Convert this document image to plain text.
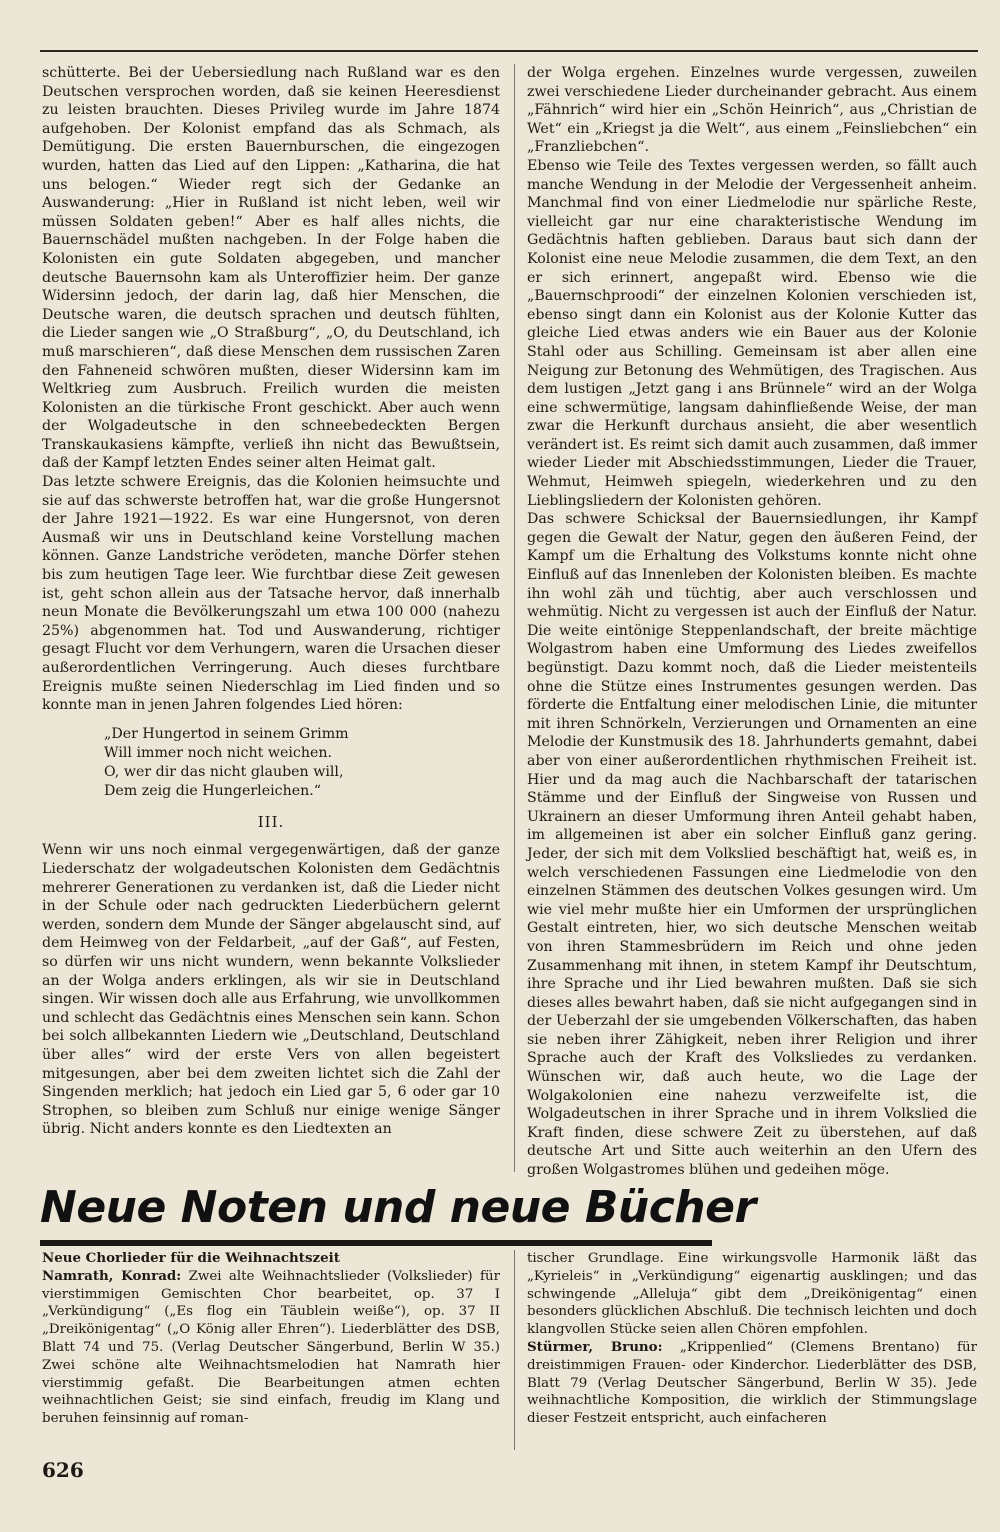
schütterte. Bei der Uebersiedlung nach Rußland war es den Deutschen versprochen worden, daß sie keinen Heeresdienst zu leisten brauchten. Dieses Privileg wurde im Jahre 1874 aufgehoben. Der Kolonist empfand das als Schmach, als Demütigung. Die ersten Bauernburschen, die eingezogen wurden, hatten das Lied auf den Lippen: „Katharina, die hat uns belogen.“ Wieder regt sich der Gedanke an Auswanderung: „Hier in Rußland ist nicht leben, weil wir müssen Soldaten geben!“ Aber es half alles nichts, die Bauernschädel mußten nachgeben. In der Folge haben die Kolonisten ein gute Soldaten abgegeben, und mancher deutsche Bauernsohn kam als Unteroffizier heim. Der ganze Widersinn jedoch, der darin lag, daß hier Menschen, die Deutsche waren, die deutsch sprachen und deutsch fühlten, die Lieder sangen wie „O Straßburg“, „O, du Deutschland, ich muß marschieren“, daß diese Menschen dem russischen Zaren den Fahneneid schwören mußten, dieser Widersinn kam im Weltkrieg zum Ausbruch. Freilich wurden die meisten Kolonisten an die türkische Front geschickt. Aber auch wenn der Wolgadeutsche in den schneebedeckten Bergen Transkaukasiens kämpfte, verließ ihn nicht das Bewußtsein, daß der Kampf letzten Endes seiner alten Heimat galt.

Das letzte schwere Ereignis, das die Kolonien heimsuchte und sie auf das schwerste betroffen hat, war die große Hungersnot der Jahre 1921—1922. Es war eine Hungersnot, von deren Ausmaß wir uns in Deutschland keine Vorstellung machen können. Ganze Landstriche verödeten, manche Dörfer stehen bis zum heutigen Tage leer. Wie furchtbar diese Zeit gewesen ist, geht schon allein aus der Tatsache hervor, daß innerhalb neun Monate die Bevölkerungszahl um etwa 100 000 (nahezu 25%) abgenommen hat. Tod und Auswanderung, richtiger gesagt Flucht vor dem Verhungern, waren die Ursachen dieser außerordentlichen Verringerung. Auch dieses furchtbare Ereignis mußte seinen Niederschlag im Lied finden und so konnte man in jenen Jahren folgendes Lied hören:

„Der Hungertod in seinem Grimm
Will immer noch nicht weichen.
O, wer dir das nicht glauben will,
Dem zeig die Hungerleichen.“
III.

Wenn wir uns noch einmal vergegenwärtigen, daß der ganze Liederschatz der wolgadeutschen Kolonisten dem Gedächtnis mehrerer Generationen zu verdanken ist, daß die Lieder nicht in der Schule oder nach gedruckten Liederbüchern gelernt werden, sondern dem Munde der Sänger abgelauscht sind, auf dem Heimweg von der Feldarbeit, „auf der Gaß“, auf Festen, so dürfen wir uns nicht wundern, wenn bekannte Volkslieder an der Wolga anders erklingen, als wir sie in Deutschland singen. Wir wissen doch alle aus Erfahrung, wie unvollkommen und schlecht das Gedächtnis eines Menschen sein kann. Schon bei solch allbekannten Liedern wie „Deutschland, Deutschland über alles“ wird der erste Vers von allen begeistert mitgesungen, aber bei dem zweiten lichtet sich die Zahl der Singenden merklich; hat jedoch ein Lied gar 5, 6 oder gar 10 Strophen, so bleiben zum Schluß nur einige wenige Sänger übrig. Nicht anders konnte es den Liedtexten an

der Wolga ergehen. Einzelnes wurde vergessen, zuweilen zwei verschiedene Lieder durcheinander gebracht. Aus einem „Fähnrich“ wird hier ein „Schön Heinrich“, aus „Christian de Wet“ ein „Kriegst ja die Welt“, aus einem „Feinsliebchen“ ein „Franzliebchen“.

Ebenso wie Teile des Textes vergessen werden, so fällt auch manche Wendung in der Melodie der Vergessenheit anheim. Manchmal find von einer Liedmelodie nur spärliche Reste, vielleicht gar nur eine charakteristische Wendung im Gedächtnis haften geblieben. Daraus baut sich dann der Kolonist eine neue Melodie zusammen, die dem Text, an den er sich erinnert, angepaßt wird. Ebenso wie die „Bauernschproodi“ der einzelnen Kolonien verschieden ist, ebenso singt dann ein Kolonist aus der Kolonie Kutter das gleiche Lied etwas anders wie ein Bauer aus der Kolonie Stahl oder aus Schilling. Gemeinsam ist aber allen eine Neigung zur Betonung des Wehmütigen, des Tragischen. Aus dem lustigen „Jetzt gang i ans Brünnele“ wird an der Wolga eine schwermütige, langsam dahinfließende Weise, der man zwar die Herkunft durchaus ansieht, die aber wesentlich verändert ist. Es reimt sich damit auch zusammen, daß immer wieder Lieder mit Abschiedsstimmungen, Lieder die Trauer, Wehmut, Heimweh spiegeln, wiederkehren und zu den Lieblingsliedern der Kolonisten gehören.

Das schwere Schicksal der Bauernsiedlungen, ihr Kampf gegen die Gewalt der Natur, gegen den äußeren Feind, der Kampf um die Erhaltung des Volkstums konnte nicht ohne Einfluß auf das Innenleben der Kolonisten bleiben. Es machte ihn wohl zäh und tüchtig, aber auch verschlossen und wehmütig. Nicht zu vergessen ist auch der Einfluß der Natur. Die weite eintönige Steppenlandschaft, der breite mächtige Wolgastrom haben eine Umformung des Liedes zweifellos begünstigt. Dazu kommt noch, daß die Lieder meistenteils ohne die Stütze eines Instrumentes gesungen werden. Das förderte die Entfaltung einer melodischen Linie, die mitunter mit ihren Schnörkeln, Verzierungen und Ornamenten an eine Melodie der Kunstmusik des 18. Jahrhunderts gemahnt, dabei aber von einer außerordentlichen rhythmischen Freiheit ist. Hier und da mag auch die Nachbarschaft der tatarischen Stämme und der Einfluß der Singweise von Russen und Ukrainern an dieser Umformung ihren Anteil gehabt haben, im allgemeinen ist aber ein solcher Einfluß ganz gering. Jeder, der sich mit dem Volkslied beschäftigt hat, weiß es, in welch verschiedenen Fassungen eine Liedmelodie von den einzelnen Stämmen des deutschen Volkes gesungen wird. Um wie viel mehr mußte hier ein Umformen der ursprünglichen Gestalt eintreten, hier, wo sich deutsche Menschen weitab von ihren Stammesbrüdern im Reich und ohne jeden Zusammenhang mit ihnen, in stetem Kampf ihr Deutschtum, ihre Sprache und ihr Lied bewahren mußten. Daß sie sich dieses alles bewahrt haben, daß sie nicht aufgegangen sind in der Ueberzahl der sie umgebenden Völkerschaften, das haben sie neben ihrer Zähigkeit, neben ihrer Religion und ihrer Sprache auch der Kraft des Volksliedes zu verdanken. Wünschen wir, daß auch heute, wo die Lage der Wolgakolonien eine nahezu verzweifelte ist, die Wolgadeutschen in ihrer Sprache und in ihrem Volkslied die Kraft finden, diese schwere Zeit zu überstehen, auf daß deutsche Art und Sitte auch weiterhin an den Ufern des großen Wolgastromes blühen und gedeihen möge.

Neue Noten und neue Bücher

Neue Chorlieder für die Weihnachtszeit

Namrath, Konrad: Zwei alte Weihnachtslieder (Volkslieder) für vierstimmigen Gemischten Chor bearbeitet, op. 37 I „Verkündigung“ („Es flog ein Täublein weiße“), op. 37 II „Dreikönigentag“ („O König aller Ehren“). Liederblätter des DSB, Blatt 74 und 75. (Verlag Deutscher Sängerbund, Berlin W 35.) Zwei schöne alte Weihnachtsmelodien hat Namrath hier vierstimmig gefaßt. Die Bearbeitungen atmen echten weihnachtlichen Geist; sie sind einfach, freudig im Klang und beruhen feinsinnig auf roman-

tischer Grundlage. Eine wirkungsvolle Harmonik läßt das „Kyrieleis“ in „Verkündigung“ eigenartig ausklingen; und das schwingende „Alleluja“ gibt dem „Dreikönigentag“ einen besonders glücklichen Abschluß. Die technisch leichten und doch klangvollen Stücke seien allen Chören empfohlen.

Stürmer, Bruno: „Krippenlied“ (Clemens Brentano) für dreistimmigen Frauen- oder Kinderchor. Liederblätter des DSB, Blatt 79 (Verlag Deutscher Sängerbund, Berlin W 35). Jede weihnachtliche Komposition, die wirklich der Stimmungslage dieser Festzeit entspricht, auch einfacheren

626
